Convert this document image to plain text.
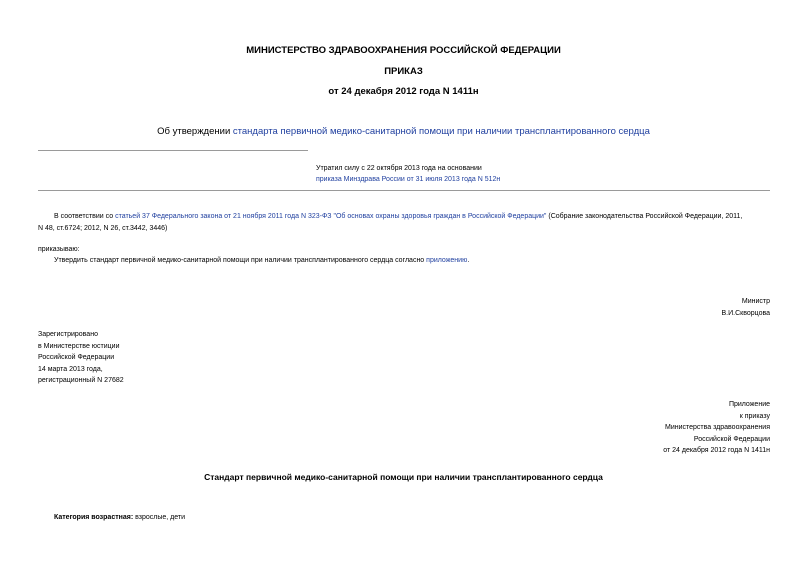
МИНИСТЕРСТВО ЗДРАВООХРАНЕНИЯ РОССИЙСКОЙ ФЕДЕРАЦИИ
ПРИКАЗ
от 24 декабря 2012 года N 1411н
Об утверждении стандарта первичной медико-санитарной помощи при наличии трансплантированного сердца
Утратил силу с 22 октября 2013 года на основании
приказа Минздрава России от 31 июля 2013 года N 512н
В соответствии со статьей 37 Федерального закона от 21 ноября 2011 года N 323-ФЗ "Об основах охраны здоровья граждан в Российской Федерации" (Собрание законодательства Российской Федерации, 2011,
N 48, ст.6724; 2012, N 26, ст.3442, 3446)
приказываю:
Утвердить стандарт первичной медико-санитарной помощи при наличии трансплантированного сердца согласно приложению.
Министр
В.И.Скворцова
Зарегистрировано
в Министерстве юстиции
Российской Федерации
14 марта 2013 года,
регистрационный N 27682
Приложение
к приказу
Министерства здравоохранения
Российской Федерации
от 24 декабря 2012 года N 1411н
Стандарт первичной медико-санитарной помощи при наличии трансплантированного сердца
Категория возрастная: взрослые, дети
